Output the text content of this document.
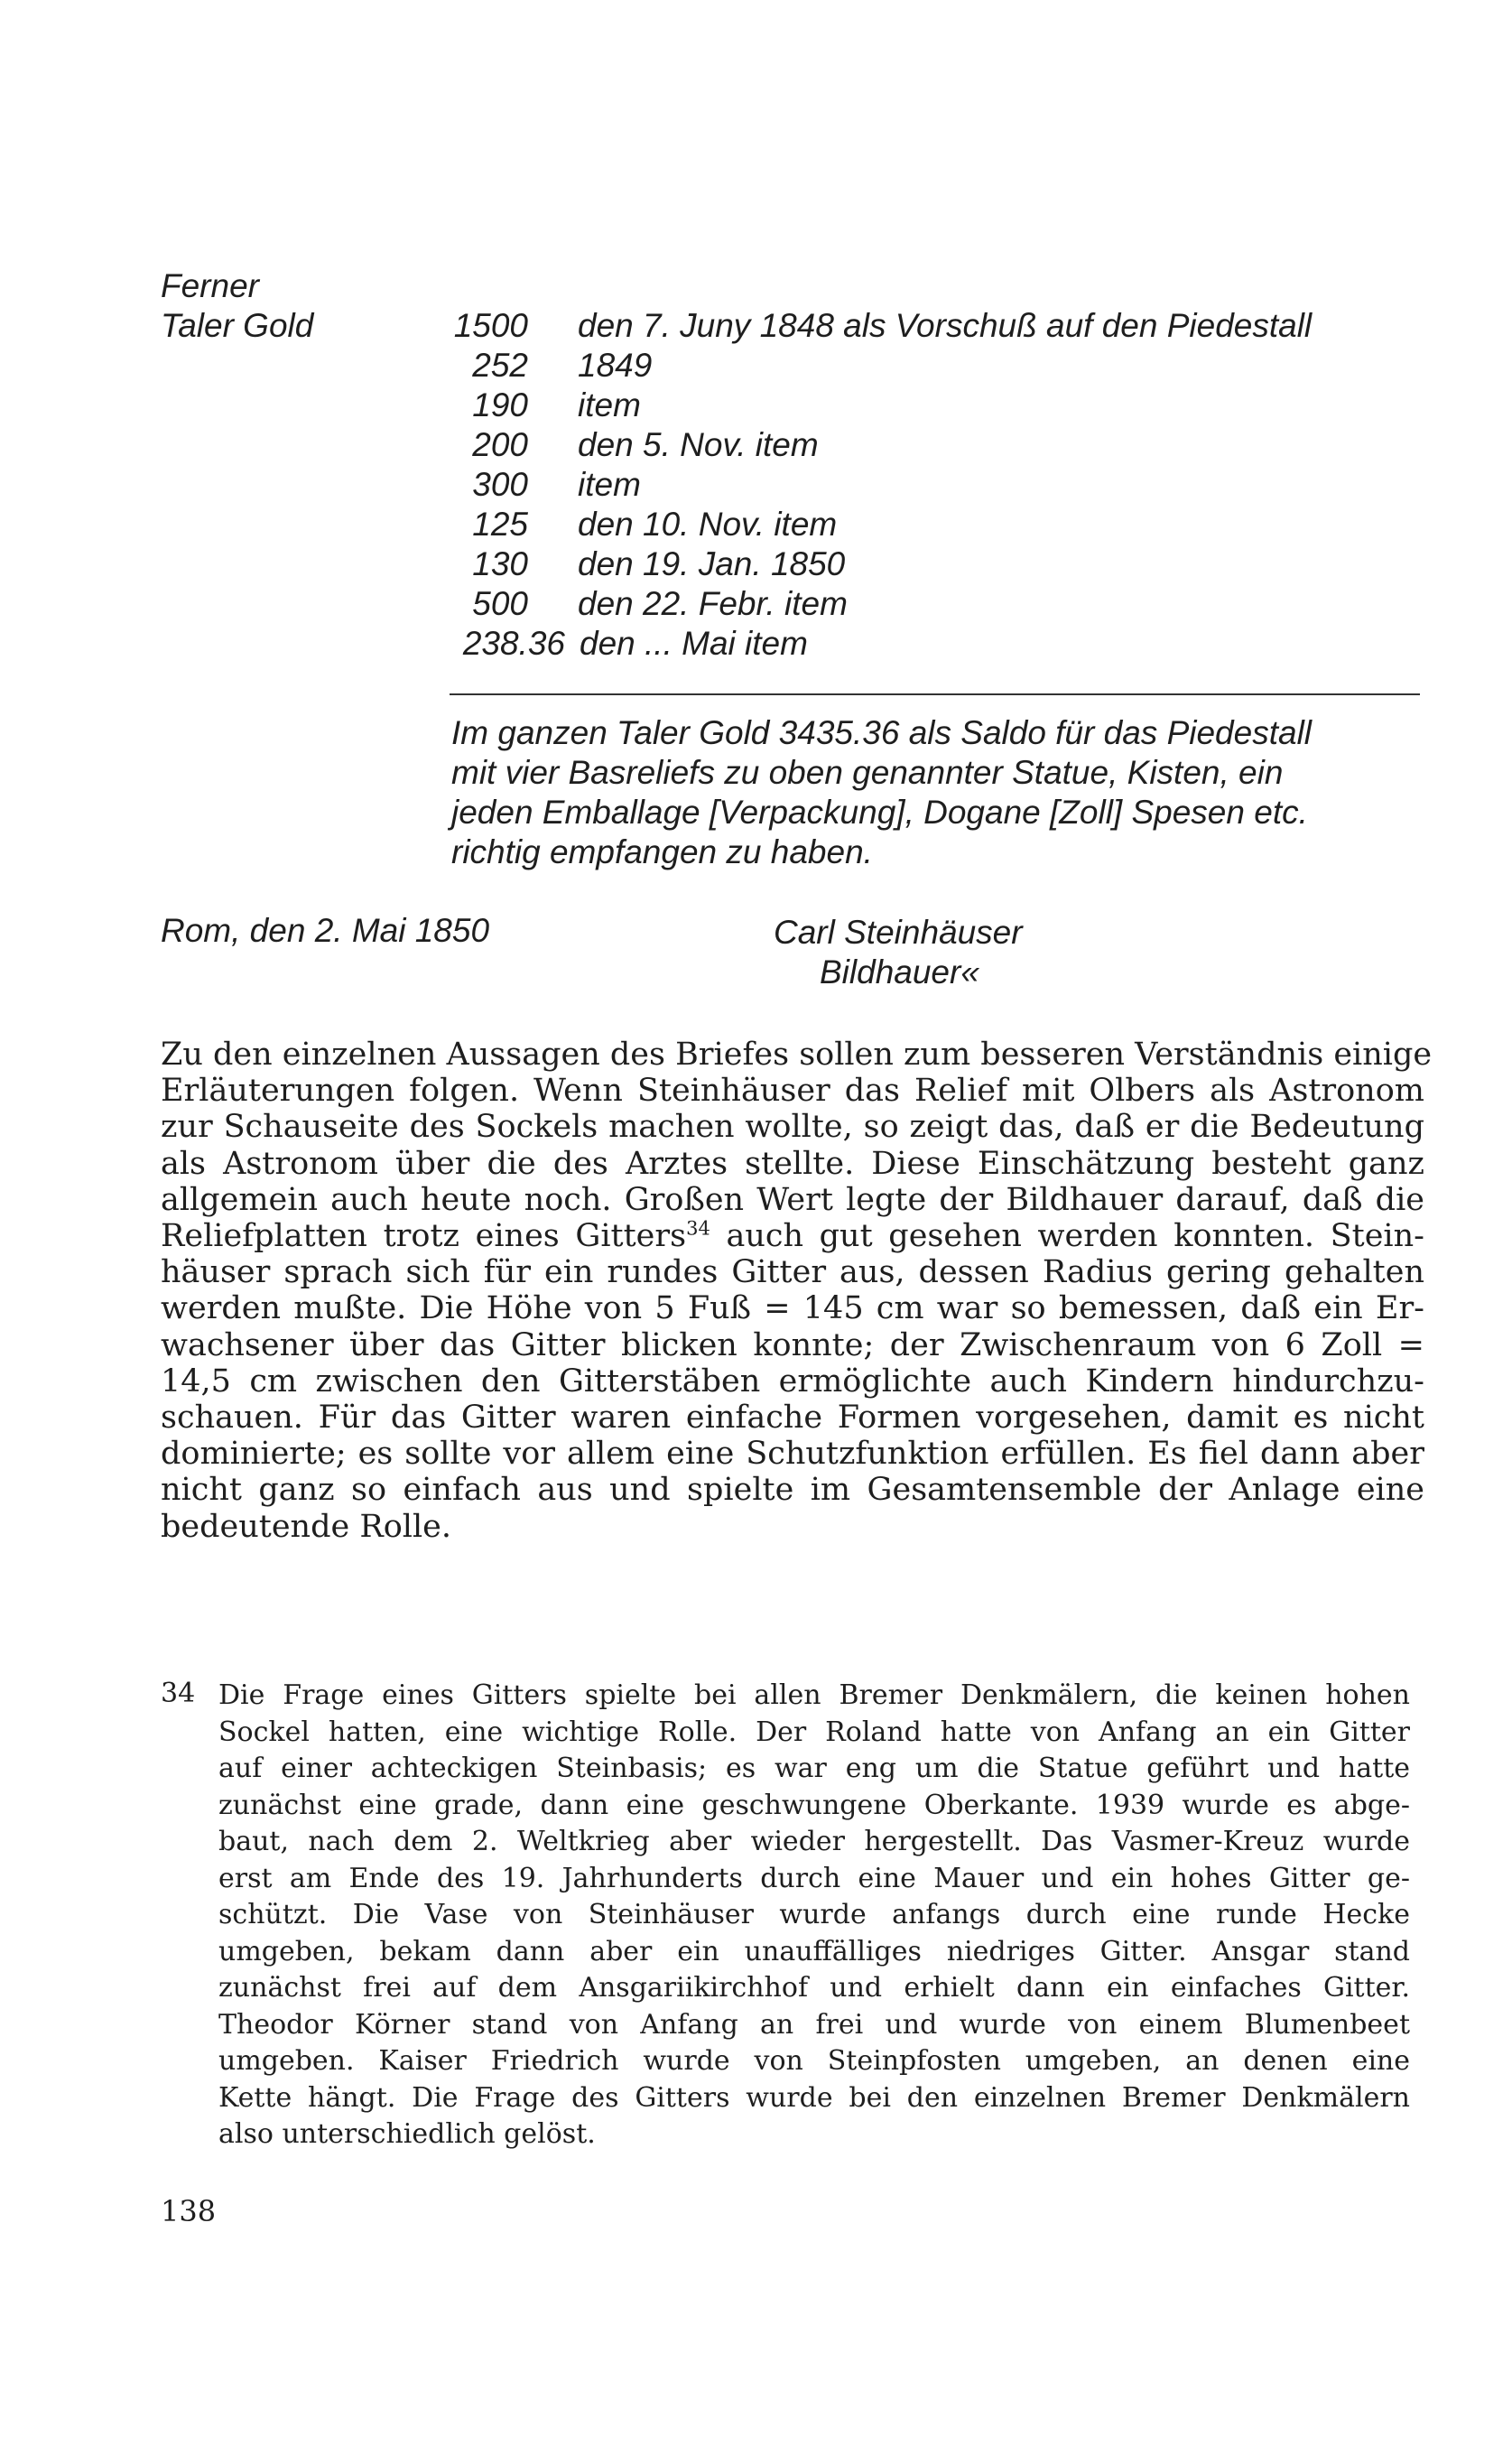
Ferner
Taler Gold	1500 den 7. Juny 1848 als Vorschuß auf den Piedestall
252 1849
190 item
200 den 5. Nov. item
300 item
125 den 10. Nov. item
130 den 19. Jan. 1850
500 den 22. Febr. item
238.36 den ... Mai item

Im ganzen Taler Gold 3435.36 als Saldo für das Piedestall

mit vier Basreliefs zu oben genannter Statue, Kisten, ein

jeden Emballage [Verpackung], Dogane [Zoll] Spesen etc.

richtig empfangen zu haben.

Rom, den 2. Mai 1850	Carl Steinhäuser
Bildhauer«

Zu den einzelnen Aussagen des Briefes sollen zum besseren Verständnis einige

Erläuterungen folgen. Wenn Steinhäuser das Relief mit Olbers als Astronom

zur Schauseite des Sockels machen wollte, so zeigt das, daß er die Bedeutung

als Astronom über die des Arztes stellte. Diese Einschätzung besteht ganz

allgemein auch heute noch. Großen Wert legte der Bildhauer darauf, daß die

Reliefplatten trotz eines Gitters$^{34}$ auch gut gesehen werden konnten. Stein-

häuser sprach sich für ein rundes Gitter aus, dessen Radius gering gehalten

werden mußte. Die Höhe von 5 Fuß = 145 cm war so bemessen, daß ein Er-

wachsener über das Gitter blicken konnte; der Zwischenraum von 6 Zoll =

14,5 cm zwischen den Gitterstäben ermöglichte auch Kindern hindurchzu-

schauen. Für das Gitter waren einfache Formen vorgesehen, damit es nicht

dominierte; es sollte vor allem eine Schutzfunktion erfüllen. Es fiel dann aber

nicht ganz so einfach aus und spielte im Gesamtensemble der Anlage eine

bedeutende Rolle.

34 Die Frage eines Gitters spielte bei allen Bremer Denkmälern, die keinen hohen

Sockel hatten, eine wichtige Rolle. Der Roland hatte von Anfang an ein Gitter

auf einer achteckigen Steinbasis; es war eng um die Statue geführt und hatte

zunächst eine grade, dann eine geschwungene Oberkante. 1939 wurde es abge-

baut, nach dem 2. Weltkrieg aber wieder hergestellt. Das Vasmer-Kreuz wurde

erst am Ende des 19. Jahrhunderts durch eine Mauer und ein hohes Gitter ge-

schützt. Die Vase von Steinhäuser wurde anfangs durch eine runde Hecke

umgeben, bekam dann aber ein unauffälliges niedriges Gitter. Ansgar stand

zunächst frei auf dem Ansgariikirchhof und erhielt dann ein einfaches Gitter.

Theodor Körner stand von Anfang an frei und wurde von einem Blumenbeet

umgeben. Kaiser Friedrich wurde von Steinpfosten umgeben, an denen eine

Kette hängt. Die Frage des Gitters wurde bei den einzelnen Bremer Denkmälern

also unterschiedlich gelöst.

138
